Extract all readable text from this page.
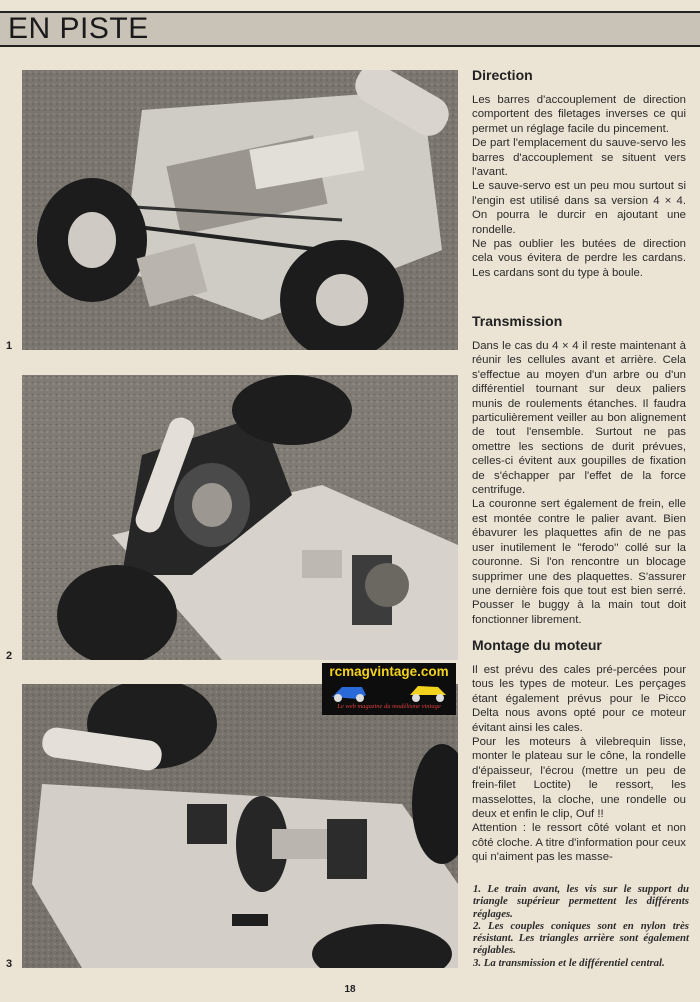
EN PISTE
1
2
3
rcmagvintage.com
Le web magazine du modélisme vintage
Direction

Les barres d'accouplement de direction comportent des filetages inverses ce qui permet un réglage facile du pincement.

De part l'emplacement du sauve-servo les barres d'accouplement se situent vers l'avant.

Le sauve-servo est un peu mou surtout si l'engin est utilisé dans sa version 4 × 4. On pourra le durcir en ajoutant une rondelle.

Ne pas oublier les butées de direction cela vous évitera de perdre les cardans. Les cardans sont du type à boule.

Transmission

Dans le cas du 4 × 4 il reste maintenant à réunir les cellules avant et arrière. Cela s'effectue au moyen d'un arbre ou d'un différentiel tournant sur deux paliers munis de roulements étanches. Il faudra particulièrement veiller au bon alignement de tout l'ensemble. Surtout ne pas omettre les sections de durit prévues, celles-ci évitent aux goupilles de fixation de s'échapper par l'effet de la force centrifuge.

La couronne sert également de frein, elle est montée contre le palier avant. Bien ébavurer les plaquettes afin de ne pas user inutilement le ''ferodo'' collé sur la couronne. Si l'on rencontre un blocage supprimer une des plaquettes. S'assurer une dernière fois que tout est bien serré. Pousser le buggy à la main tout doit fonctionner librement.

Montage du moteur

Il est prévu des cales pré-percées pour tous les types de moteur. Les perçages étant également prévus pour le Picco Delta nous avons opté pour ce moteur évitant ainsi les cales.

Pour les moteurs à vilebrequin lisse, monter le plateau sur le cône, la rondelle d'épaisseur, l'écrou (mettre un peu de frein-filet Loctite) le ressort, les masselottes, la cloche, une rondelle ou deux et enfin le clip, Ouf !!

Attention : le ressort côté volant et non côté cloche. A titre d'information pour ceux qui n'aiment pas les masse-

1. Le train avant, les vis sur le support du triangle supérieur permettent les différents réglages.

2. Les couples coniques sont en nylon très résistant. Les triangles arrière sont également réglables.

3. La transmission et le différentiel central.

18
